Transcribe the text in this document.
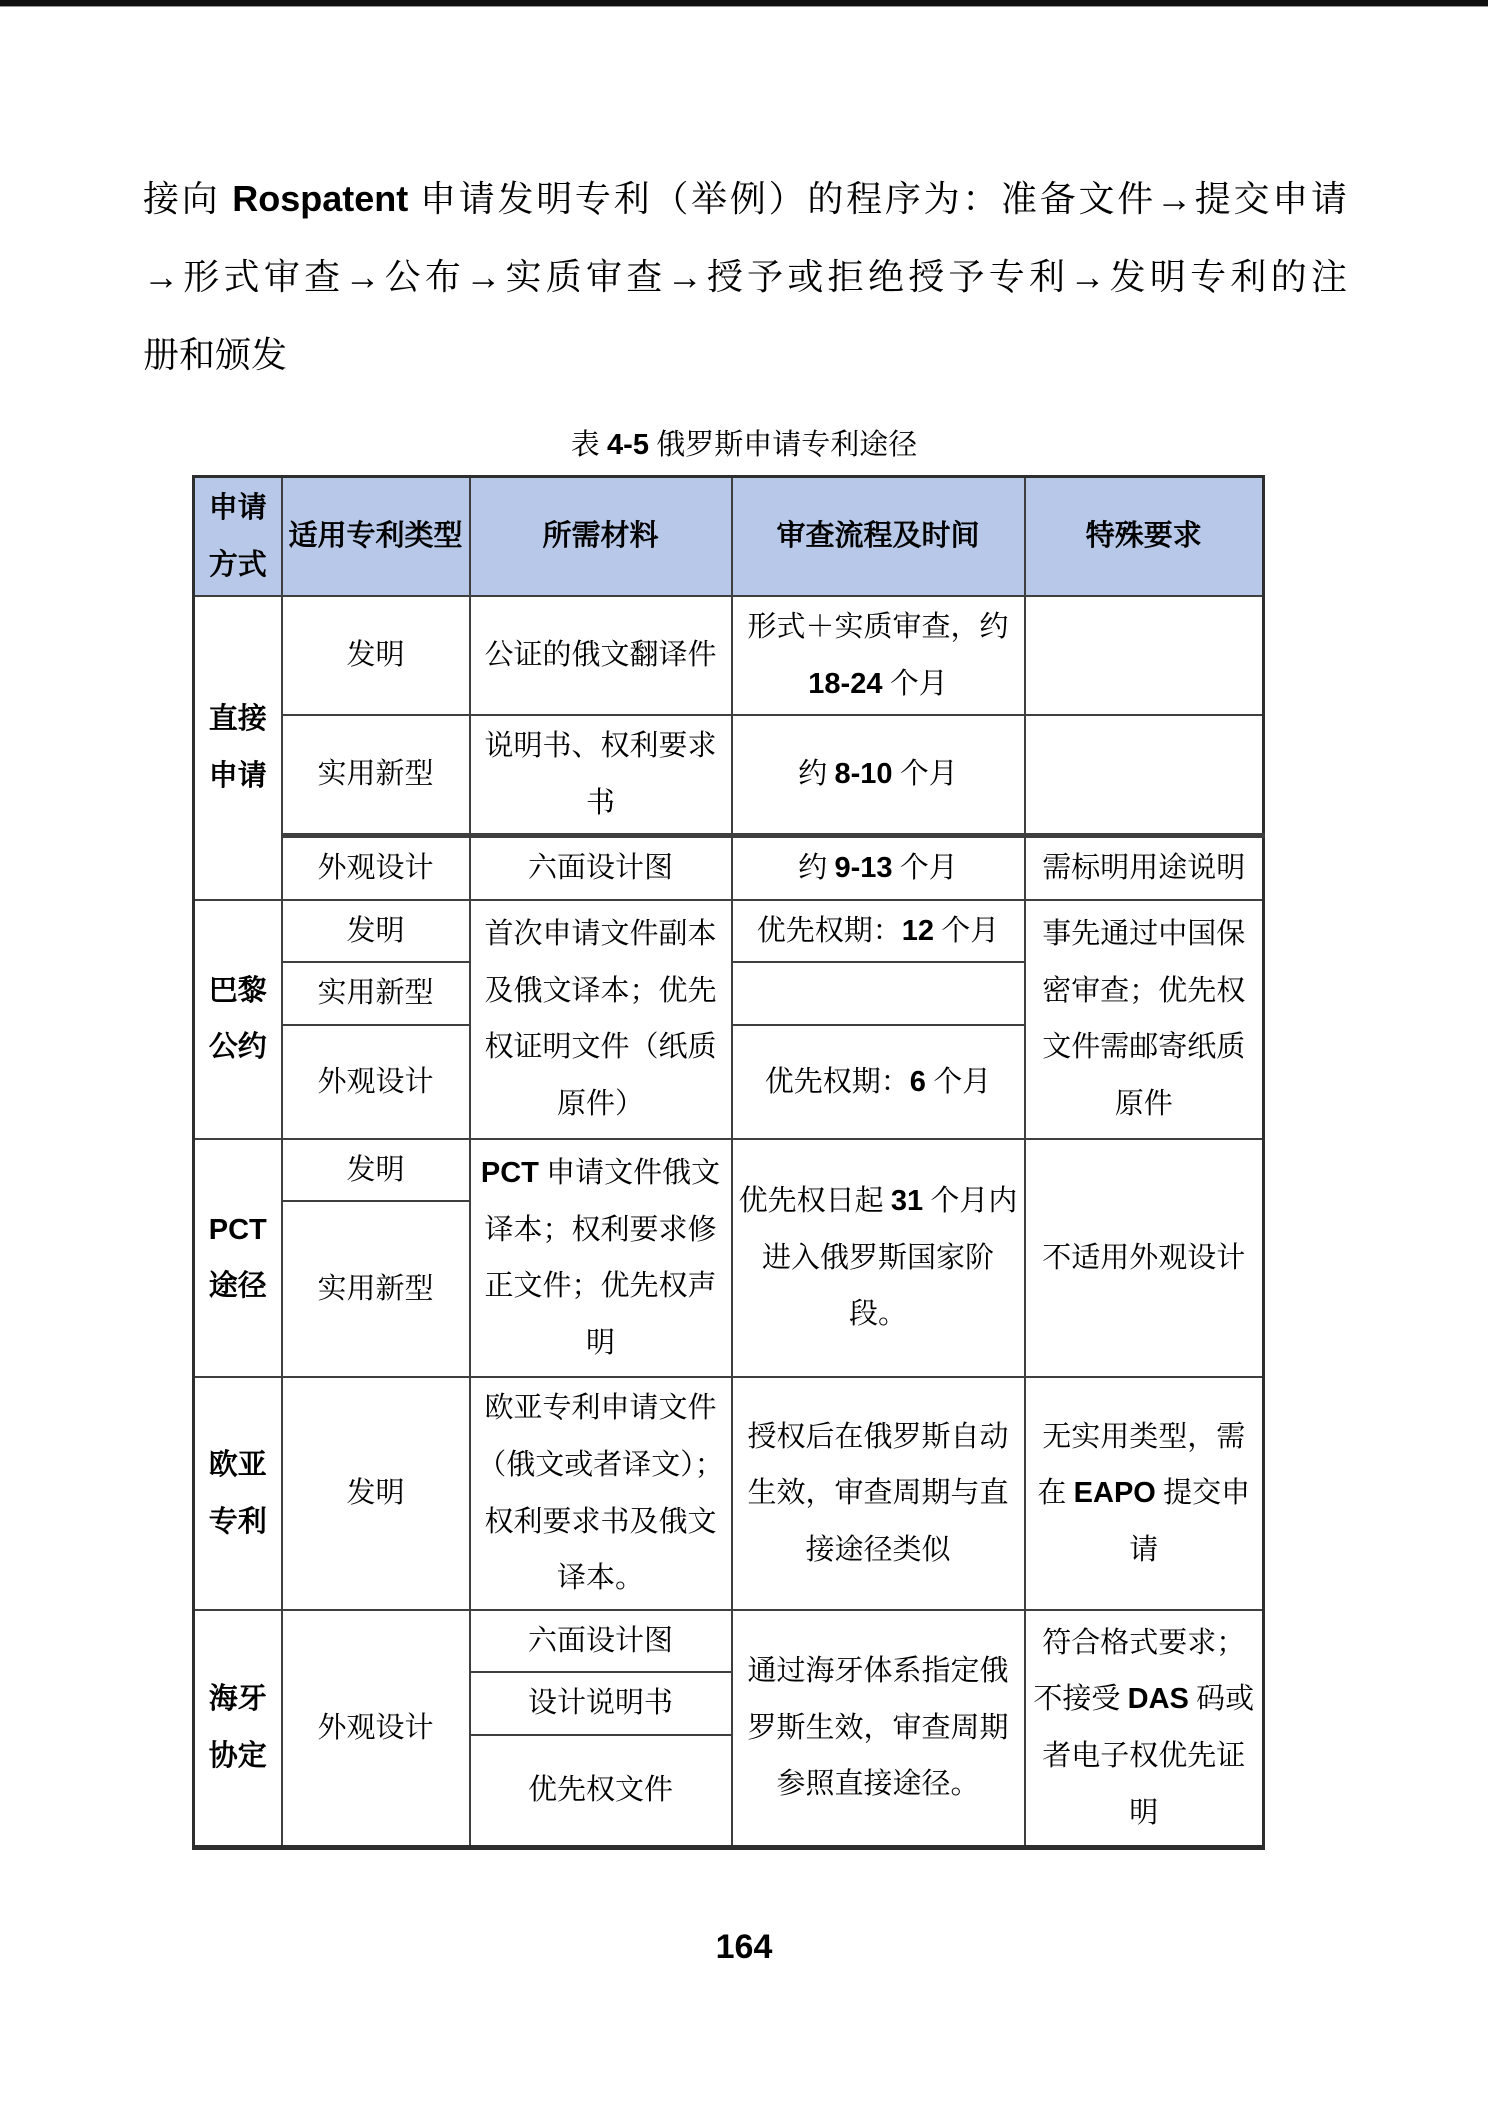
接向 Rospatent 申请发明专利（举例）的程序为：准备文件→提交申请
→形式审查→公布→实质审查→授予或拒绝授予专利→发明专利的注
册和颁发
表 4-5 俄罗斯申请专利途径
申请方式	适用专利类型	所需材料	审查流程及时间	特殊要求
直接申请	发明	公证的俄文翻译件	形式＋实质审查，约 18-24 个月	
	实用新型	说明书、权利要求书	约 8-10 个月	
	外观设计	六面设计图	约 9-13 个月	需标明用途说明
巴黎公约	发明	首次申请文件副本及俄文译本；优先权证明文件（纸质原件）	优先权期：12 个月	事先通过中国保密审查；优先权文件需邮寄纸质原件
	实用新型			
	外观设计		优先权期：6 个月	
PCT 途径	发明	PCT 申请文件俄文译本；权利要求修正文件；优先权声明	优先权日起 31 个月内进入俄罗斯国家阶段。	不适用外观设计
	实用新型			
欧亚专利	发明	欧亚专利申请文件（俄文或者译文）；权利要求书及俄文译本。	授权后在俄罗斯自动生效，审查周期与直接途径类似	无实用类型，需在 EAPO 提交申请
海牙协定	外观设计	六面设计图	通过海牙体系指定俄罗斯生效，审查周期参照直接途径。	符合格式要求；不接受 DAS 码或者电子权优先证明
		设计说明书		
		优先权文件		
164
